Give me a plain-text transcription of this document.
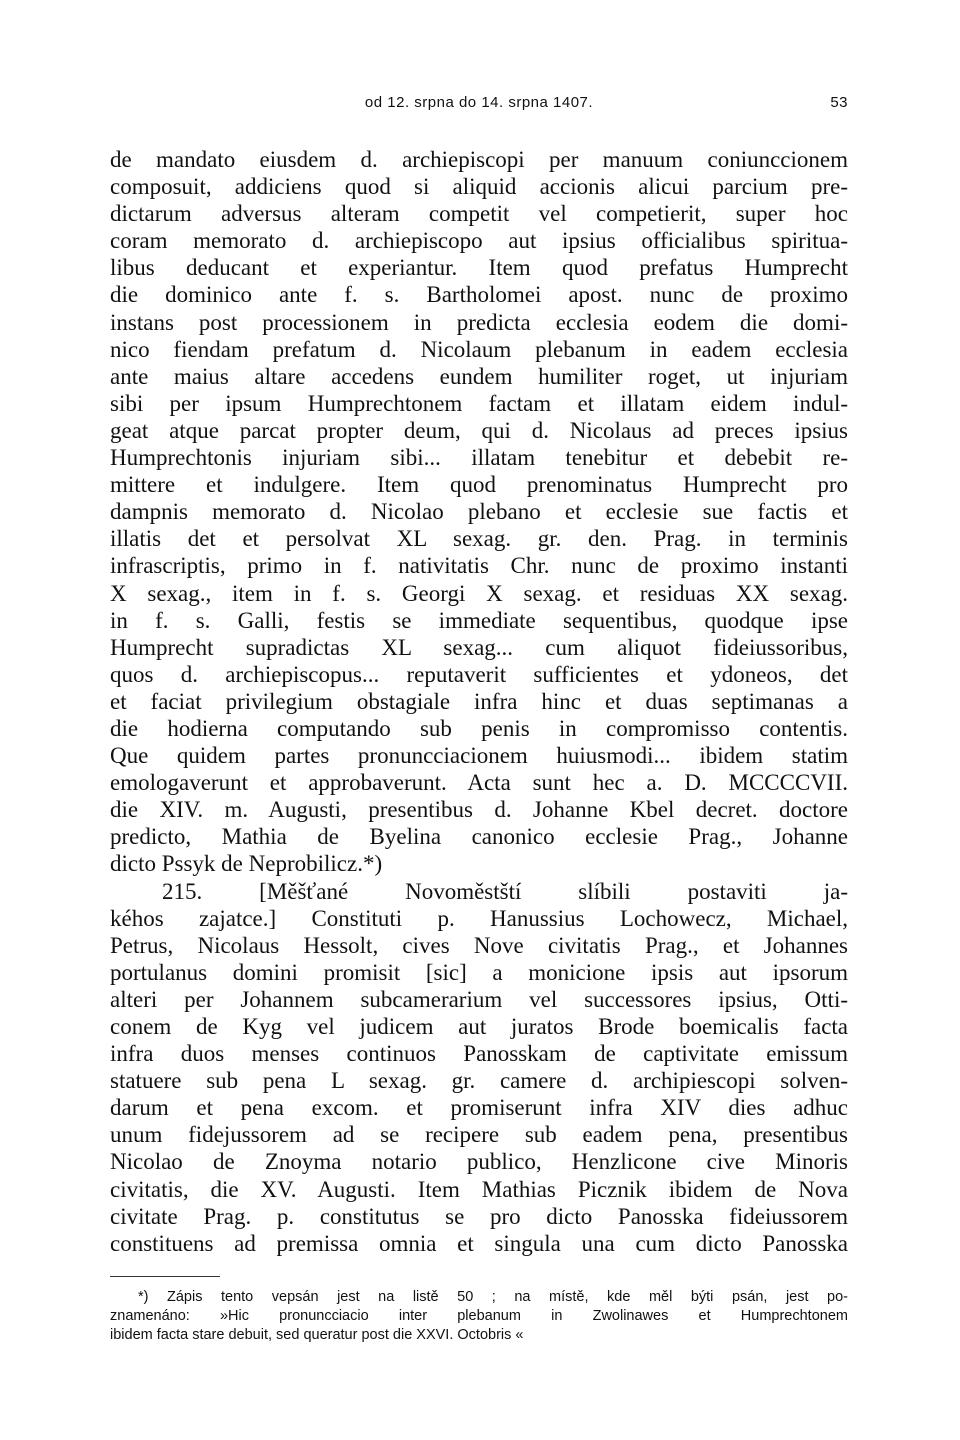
od 12. srpna do 14. srpna 1407.	53
de mandato eiusdem d. archiepiscopi per manuum coniunccionem
composuit, addiciens quod si aliquid accionis alicui parcium pre-
dictarum adversus alteram competit vel competierit, super hoc
coram memorato d. archiepiscopo aut ipsius officialibus spiritua-
libus deducant et experiantur. Item quod prefatus Humprecht
die dominico ante f. s. Bartholomei apost. nunc de proximo
instans post processionem in predicta ecclesia eodem die domi-
nico fiendam prefatum d. Nicolaum plebanum in eadem ecclesia
ante maius altare accedens eundem humiliter roget, ut injuriam
sibi per ipsum Humprechtonem factam et illatam eidem indul-
geat atque parcat propter deum, qui d. Nicolaus ad preces ipsius
Humprechtonis injuriam sibi... illatam tenebitur et debebit re-
mittere et indulgere. Item quod prenominatus Humprecht pro
dampnis memorato d. Nicolao plebano et ecclesie sue factis et
illatis det et persolvat XL sexag. gr. den. Prag. in terminis
infrascriptis, primo in f. nativitatis Chr. nunc de proximo instanti
X sexag., item in f. s. Georgi X sexag. et residuas XX sexag.
in f. s. Galli, festis se immediate sequentibus, quodque ipse
Humprecht supradictas XL sexag... cum aliquot fideiussoribus,
quos d. archiepiscopus... reputaverit sufficientes et ydoneos, det
et faciat privilegium obstagiale infra hinc et duas septimanas a
die hodierna computando sub penis in compromisso contentis.
Que quidem partes pronuncciacionem huiusmodi... ibidem statim
emologaverunt et approbaverunt. Acta sunt hec a. D. MCCCCVII.
die XIV. m. Augusti, presentibus d. Johanne Kbel decret. doctore
predicto, Mathia de Byelina canonico ecclesie Prag., Johanne
dicto Pssyk de Neprobilicz.*)
215. [Měšťané Novoměstští slíbili postaviti ja-
kéhos zajatce.] Constituti p. Hanussius Lochowecz, Michael,
Petrus, Nicolaus Hessolt, cives Nove civitatis Prag., et Johannes
portulanus domini promisit [sic] a monicione ipsis aut ipsorum
alteri per Johannem subcamerarium vel successores ipsius, Otti-
conem de Kyg vel judicem aut juratos Brode boemicalis facta
infra duos menses continuos Panosskam de captivitate emissum
statuere sub pena L sexag. gr. camere d. archipiescopi solven-
darum et pena excom. et promiserunt infra XIV dies adhuc
unum fidejussorem ad se recipere sub eadem pena, presentibus
Nicolao de Znoyma notario publico, Henzlicone cive Minoris
civitatis, die XV. Augusti. Item Mathias Picznik ibidem de Nova
civitate Prag. p. constitutus se pro dicto Panosska fideiussorem
constituens ad premissa omnia et singula una cum dicto Panosska
*) Zápis tento vepsán jest na listě 50 ; na místě, kde měl býti psán, jest po-
znamenáno: »Hic pronuncciacio inter plebanum in Zwolinawes et Humprechtonem
ibidem facta stare debuit, sed queratur post die XXVI. Octobris «
